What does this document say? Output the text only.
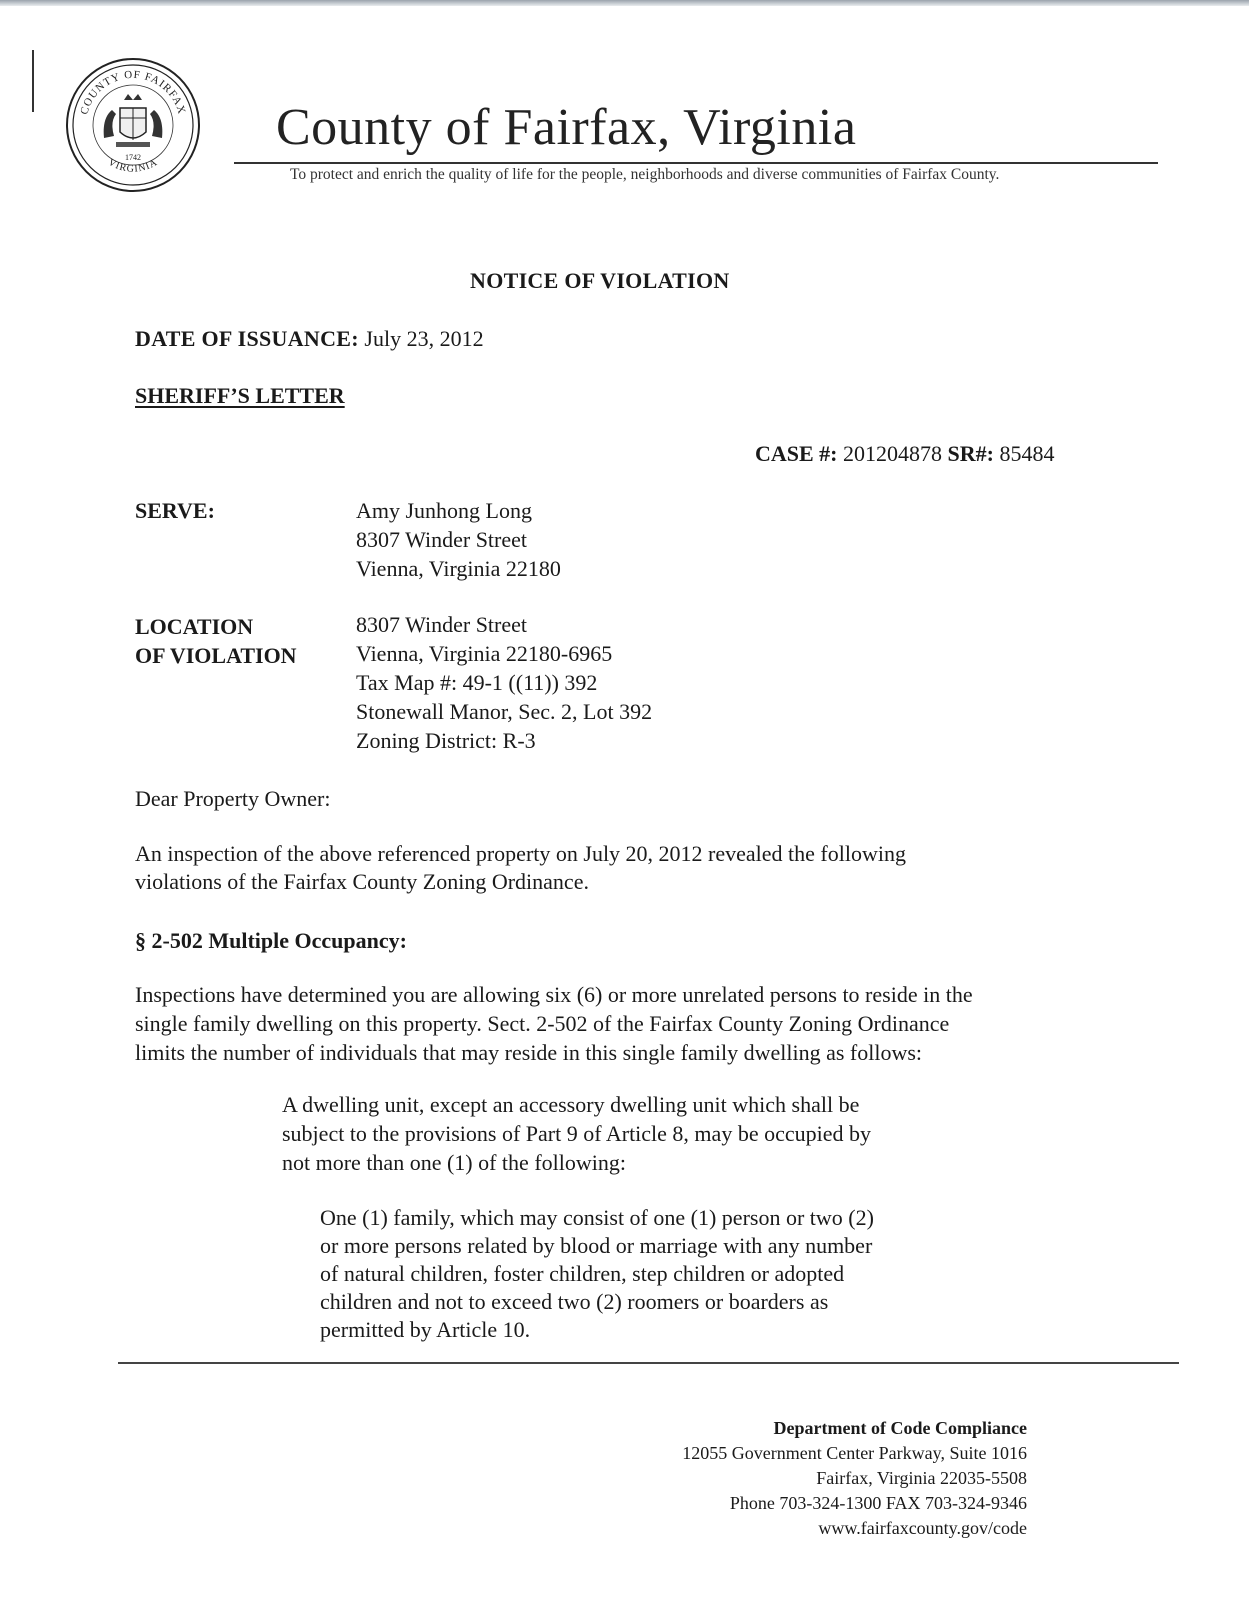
COUNTY OF FAIRFAX
VIRGINIA
1742
County of Fairfax, Virginia
To protect and enrich the quality of life for the people, neighborhoods and diverse communities of Fairfax County.
NOTICE OF VIOLATION
DATE OF ISSUANCE: July 23, 2012
SHERIFF’S LETTER
CASE #: 201204878 SR#: 85484
SERVE:	Amy Junhong Long
8307 Winder Street
Vienna, Virginia 22180
LOCATION
OF VIOLATION
8307 Winder Street
Vienna, Virginia 22180-6965
Tax Map #: 49-1 ((11)) 392
Stonewall Manor, Sec. 2, Lot 392
Zoning District: R-3
Dear Property Owner:
An inspection of the above referenced property on July 20, 2012 revealed the following
violations of the Fairfax County Zoning Ordinance.
§ 2-502 Multiple Occupancy:
Inspections have determined you are allowing six (6) or more unrelated persons to reside in the
single family dwelling on this property. Sect. 2-502 of the Fairfax County Zoning Ordinance
limits the number of individuals that may reside in this single family dwelling as follows:
A dwelling unit, except an accessory dwelling unit which shall be
subject to the provisions of Part 9 of Article 8, may be occupied by
not more than one (1) of the following:
One (1) family, which may consist of one (1) person or two (2)
or more persons related by blood or marriage with any number
of natural children, foster children, step children or adopted
children and not to exceed two (2) roomers or boarders as
permitted by Article 10.
Department of Code Compliance
12055 Government Center Parkway, Suite 1016
Fairfax, Virginia 22035-5508
Phone 703-324-1300 FAX 703-324-9346
www.fairfaxcounty.gov/code
